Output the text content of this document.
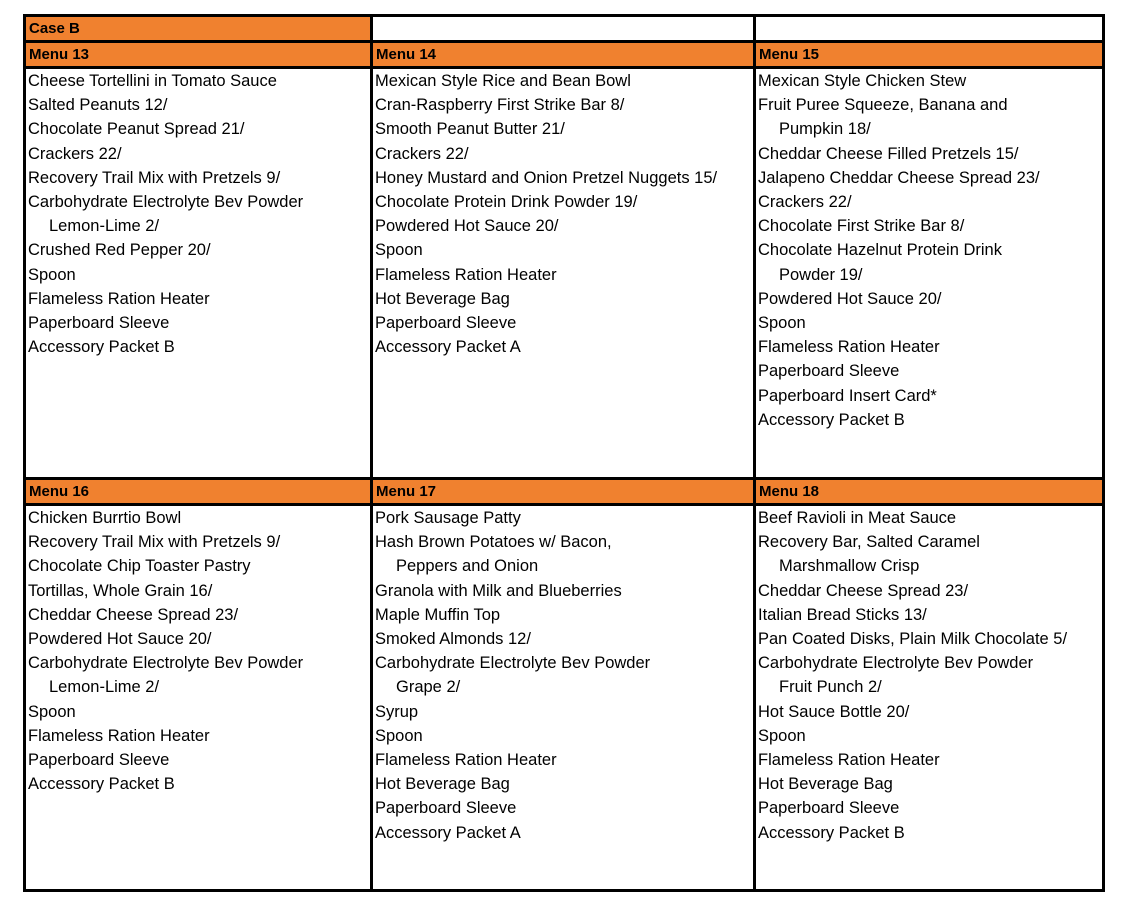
Case B
Menu 13
Cheese Tortellini in Tomato Sauce
Salted Peanuts 12/
Chocolate Peanut Spread 21/
Crackers 22/
Recovery Trail Mix with Pretzels 9/
Carbohydrate Electrolyte Bev Powder
Lemon-Lime 2/
Crushed Red Pepper 20/
Spoon
Flameless Ration Heater
Paperboard Sleeve
Accessory Packet B
Menu 14
Mexican Style Rice and Bean Bowl
Cran-Raspberry First Strike Bar 8/
Smooth Peanut Butter 21/
Crackers 22/
Honey Mustard and Onion Pretzel Nuggets 15/
Chocolate Protein Drink Powder 19/
Powdered Hot Sauce 20/
Spoon
Flameless Ration Heater
Hot Beverage Bag
Paperboard Sleeve
Accessory Packet A
Menu 15
Mexican Style Chicken Stew
Fruit Puree Squeeze, Banana and
Pumpkin 18/
Cheddar Cheese Filled Pretzels 15/
Jalapeno Cheddar Cheese Spread 23/
Crackers 22/
Chocolate First Strike Bar 8/
Chocolate Hazelnut Protein Drink
Powder 19/
Powdered Hot Sauce 20/
Spoon
Flameless Ration Heater
Paperboard Sleeve
Paperboard Insert Card*
Accessory Packet B
Menu 16
Chicken Burrtio Bowl
Recovery Trail Mix with Pretzels 9/
Chocolate Chip Toaster Pastry
Tortillas, Whole Grain 16/
Cheddar Cheese Spread 23/
Powdered Hot Sauce 20/
Carbohydrate Electrolyte Bev Powder
Lemon-Lime 2/
Spoon
Flameless Ration Heater
Paperboard Sleeve
Accessory Packet B
Menu 17
Pork Sausage Patty
Hash Brown Potatoes w/ Bacon,
Peppers and Onion
Granola with Milk and Blueberries
Maple Muffin Top
Smoked Almonds 12/
Carbohydrate Electrolyte Bev Powder
Grape 2/
Syrup
Spoon
Flameless Ration Heater
Hot Beverage Bag
Paperboard Sleeve
Accessory Packet A
Menu 18
Beef Ravioli in Meat Sauce
Recovery Bar, Salted Caramel
Marshmallow Crisp
Cheddar Cheese Spread 23/
Italian Bread Sticks 13/
Pan Coated Disks, Plain Milk Chocolate 5/
Carbohydrate Electrolyte Bev Powder
Fruit Punch 2/
Hot Sauce Bottle 20/
Spoon
Flameless Ration Heater
Hot Beverage Bag
Paperboard Sleeve
Accessory Packet B
